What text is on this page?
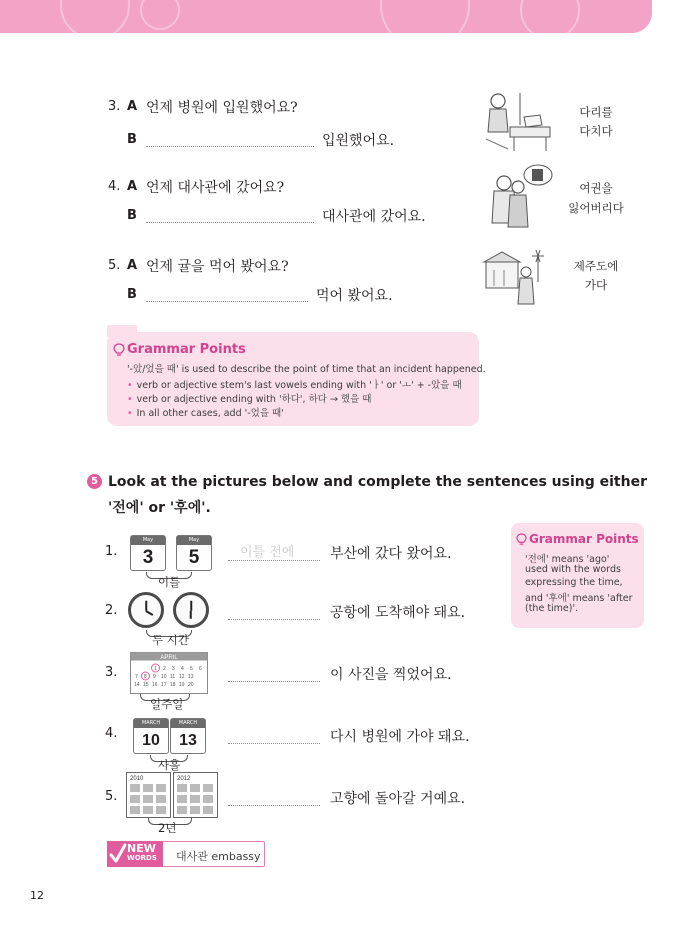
3. A 언제 병원에 입원했어요?
B	입원했어요.
4. A 언제 대사관에 갔어요?
B	대사관에 갔어요.
5. A 언제 귤을 먹어 봤어요?
B	먹어 봤어요.
다리를
다치다
여권을
잃어버리다
제주도에
가다
Grammar Points
'-았/었을 때' is used to describe the point of time that an incident happened.
• verb or adjective stem's last vowels ending with 'ㅏ' or 'ㅗ' + -았을 때
• verb or adjective ending with '하다', 하다 → 했을 때
• In all other cases, add '-었을 때'
5 Look at the pictures below and complete the sentences using either
'전에' or '후에'.
Grammar Points
'전에' means 'ago'
used with the words
expressing the time,
and '후에' means 'after
(the time)'.
1.
May
3
May
5
이틀
이틀 전에	부산에 갔다 왔어요.
2.
두 시간
공항에 도착해야 돼요.
3.
APRIL
1 2 3 4 5 6
7 8 9 10 11 12 13
14 15 16 17 18 19 20
일주일
이 사진을 찍었어요.
4.
MARCH
10
MARCH
13
사흘
다시 병원에 가야 돼요.
5.
2010	2012
2년
고향에 돌아갈 거예요.
NEW
WORDS	대사관 embassy
12
